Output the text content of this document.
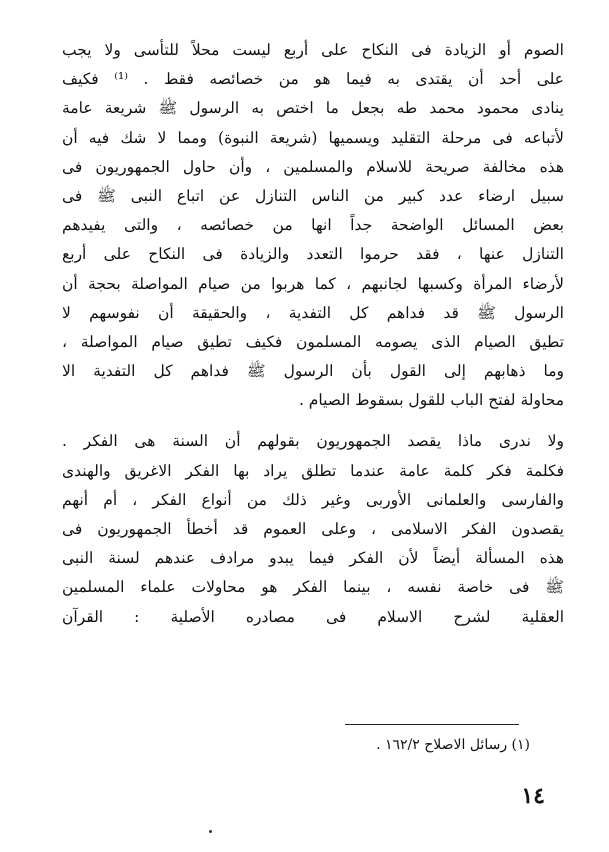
الصوم أو الزيادة فى النكاح على أربع ليست محلاً للتأسى ولا يجب
على أحد أن يقتدى به فيما هو من خصائصه فقط . ⁽¹⁾ فكيف
ينادى محمود محمد طه بجعل ما اختص به الرسول ﷺ شريعة عامة
لأتباعه فى مرحلة التقليد ويسميها (شريعة النبوة) ومما لا شك فيه أن
هذه مخالفة صريحة للاسلام والمسلمين ، وأن حاول الجمهوريون فى
سبيل ارضاء عدد كبير من الناس التنازل عن اتباع النبى ﷺ فى
بعض المسائل الواضحة جداً انها من خصائصه ، والتى يفيدهم
التنازل عنها ، فقد حرموا التعدد والزيادة فى النكاح على أربع
لأرضاء المرأة وكسبها لجانبهم ، كما هربوا من صيام المواصلة بحجة أن
الرسول ﷺ قد فداهم كل التفدية ، والحقيقة أن نفوسهم لا
تطيق الصيام الذى يصومه المسلمون فكيف تطيق صيام المواصلة ،
وما ذهابهم إلى القول بأن الرسول ﷺ فداهم كل التفدية الا
محاولة لفتح الباب للقول بسقوط الصيام .
ولا ندرى ماذا يقصد الجمهوريون بقولهم أن السنة هى الفكر .
فكلمة فكر كلمة عامة عندما تطلق يراد بها الفكر الاغريق والهندى
والفارسى والعلمانى الأوربى وغير ذلك من أنواع الفكر ، أم أنهم
يقصدون الفكر الاسلامى ، وعلى العموم قد أخطأ الجمهوريون فى
هذه المسألة أيضاً لأن الفكر فيما يبدو مرادف عندهم لسنة النبى
ﷺ فى خاصة نفسه ، بينما الفكر هو محاولات علماء المسلمين
العقلية لشرح الاسلام فى مصادره الأصلية : القرآن
(١) رسائل الاصلاح ١٦٢/٢ .
١٤
